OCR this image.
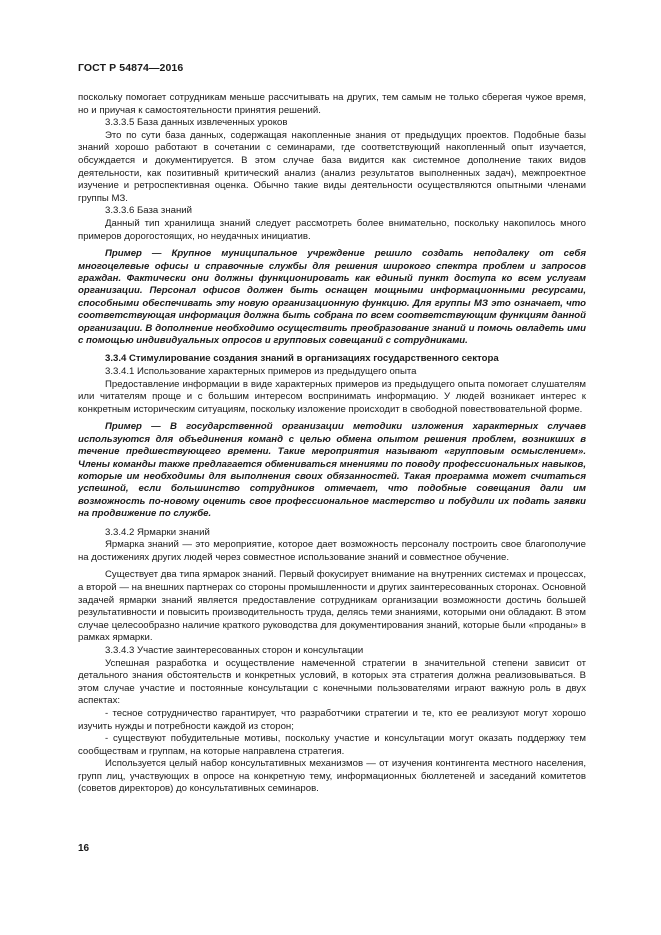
ГОСТ Р 54874—2016

поскольку помогает сотрудникам меньше рассчитывать на других, тем самым не только сберегая чужое время, но и приучая к самостоятельности принятия решений.

3.3.3.5 База данных извлеченных уроков

Это по сути база данных, содержащая накопленные знания от предыдущих проектов. Подобные базы знаний хорошо работают в сочетании с семинарами, где соответствующий накопленный опыт изучается, обсуждается и документируется. В этом случае база видится как системное дополнение таких видов деятельности, как позитивный критический анализ (анализ результатов выполненных задач), межпроектное изучение и ретроспективная оценка. Обычно такие виды деятельности осуществляются опытными членами группы МЗ.

3.3.3.6 База знаний

Данный тип хранилища знаний следует рассмотреть более внимательно, поскольку накопилось много примеров дорогостоящих, но неудачных инициатив.

Пример — Крупное муниципальное учреждение решило создать неподалеку от себя многоцелевые офисы и справочные службы для решения широкого спектра проблем и запросов граждан. Фактически они должны функционировать как единый пункт доступа ко всем услугам организации. Персонал офисов должен быть оснащен мощными информационными ресурсами, способными обеспечивать эту новую организационную функцию. Для группы МЗ это означает, что соответствующая информация должна быть собрана по всем соответствующим функциям данной организации. В дополнение необходимо осуществить преобразование знаний и помочь овладеть ими с помощью индивидуальных опросов и групповых совещаний с сотрудниками.

3.3.4 Стимулирование создания знаний в организациях государственного сектора

3.3.4.1 Использование характерных примеров из предыдущего опыта

Предоставление информации в виде характерных примеров из предыдущего опыта помогает слушателям или читателям проще и с большим интересом воспринимать информацию. У людей возникает интерес к конкретным историческим ситуациям, поскольку изложение происходит в свободной повествовательной форме.

Пример — В государственной организации методики изложения характерных случаев используются для объединения команд с целью обмена опытом решения проблем, возникших в течение предшествующего времени. Такие мероприятия называют «групповым осмыслением». Члены команды также предлагается обмениваться мнениями по поводу профессиональных навыков, которые им необходимы для выполнения своих обязанностей. Такая программа может считаться успешной, если большинство сотрудников отмечает, что подобные совещания дали им возможность по-новому оценить свое профессиональное мастерство и побудили их подать заявки на продвижение по службе.

3.3.4.2 Ярмарки знаний

Ярмарка знаний — это мероприятие, которое дает возможность персоналу построить свое благополучие на достижениях других людей через совместное использование знаний и совместное обучение.

Существует два типа ярмарок знаний. Первый фокусирует внимание на внутренних системах и процессах, а второй — на внешних партнерах со стороны промышленности и других заинтересованных сторонах. Основной задачей ярмарки знаний является предоставление сотрудникам организации возможности достичь большей результативности и повысить производительность труда, делясь теми знаниями, которыми они обладают. В этом случае целесообразно наличие краткого руководства для документирования знаний, которые были «проданы» в рамках ярмарки.

3.3.4.3 Участие заинтересованных сторон и консультации

Успешная разработка и осуществление намеченной стратегии в значительной степени зависит от детального знания обстоятельств и конкретных условий, в которых эта стратегия должна реализовываться. В этом случае участие и постоянные консультации с конечными пользователями играют важную роль в двух аспектах:

- тесное сотрудничество гарантирует, что разработчики стратегии и те, кто ее реализуют могут хорошо изучить нужды и потребности каждой из сторон;

- существуют побудительные мотивы, поскольку участие и консультации могут оказать поддержку тем сообществам и группам, на которые направлена стратегия.

Используется целый набор консультативных механизмов — от изучения контингента местного населения, групп лиц, участвующих в опросе на конкретную тему, информационных бюллетеней и заседаний комитетов (советов директоров) до консультативных семинаров.

16
